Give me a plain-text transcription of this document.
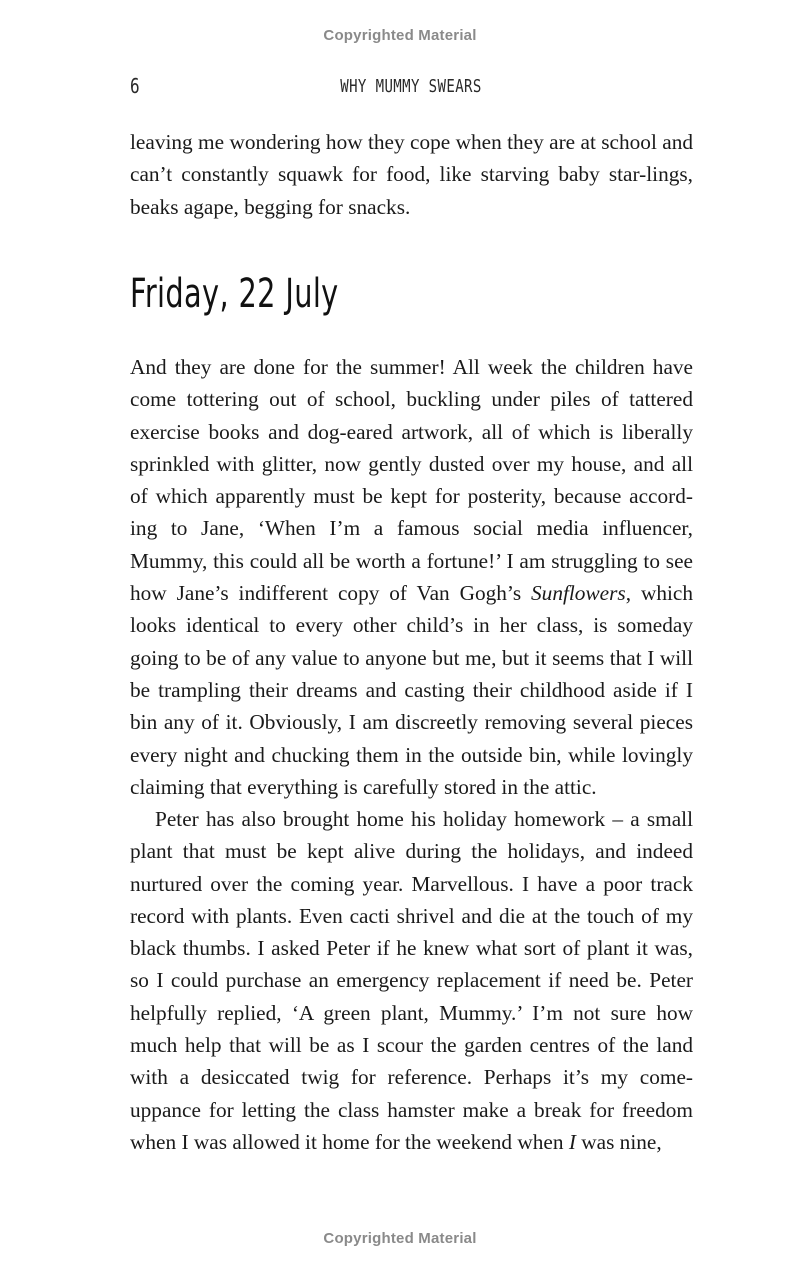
Copyrighted Material
6	WHY MUMMY SWEARS

leaving me wondering how they cope when they are at school and can’t constantly squawk for food, like starving baby star-lings, beaks agape, begging for snacks.

Friday, 22 July

And they are done for the summer! All week the children have come tottering out of school, buckling under piles of tattered exercise books and dog-eared artwork, all of which is liberally sprinkled with glitter, now gently dusted over my house, and all of which apparently must be kept for posterity, because accord-ing to Jane, ‘When I’m a famous social media influencer, Mummy, this could all be worth a fortune!’ I am struggling to see how Jane’s indifferent copy of Van Gogh’s Sunflowers, which looks identical to every other child’s in her class, is someday going to be of any value to anyone but me, but it seems that I will be trampling their dreams and casting their childhood aside if I bin any of it. Obviously, I am discreetly removing several pieces every night and chucking them in the outside bin, while lovingly claiming that everything is carefully stored in the attic.

Peter has also brought home his holiday homework – a small plant that must be kept alive during the holidays, and indeed nurtured over the coming year. Marvellous. I have a poor track record with plants. Even cacti shrivel and die at the touch of my black thumbs. I asked Peter if he knew what sort of plant it was, so I could purchase an emergency replacement if need be. Peter helpfully replied, ‘A green plant, Mummy.’ I’m not sure how much help that will be as I scour the garden centres of the land with a desiccated twig for reference. Perhaps it’s my come-uppance for letting the class hamster make a break for freedom when I was allowed it home for the weekend when I was nine,

Copyrighted Material
